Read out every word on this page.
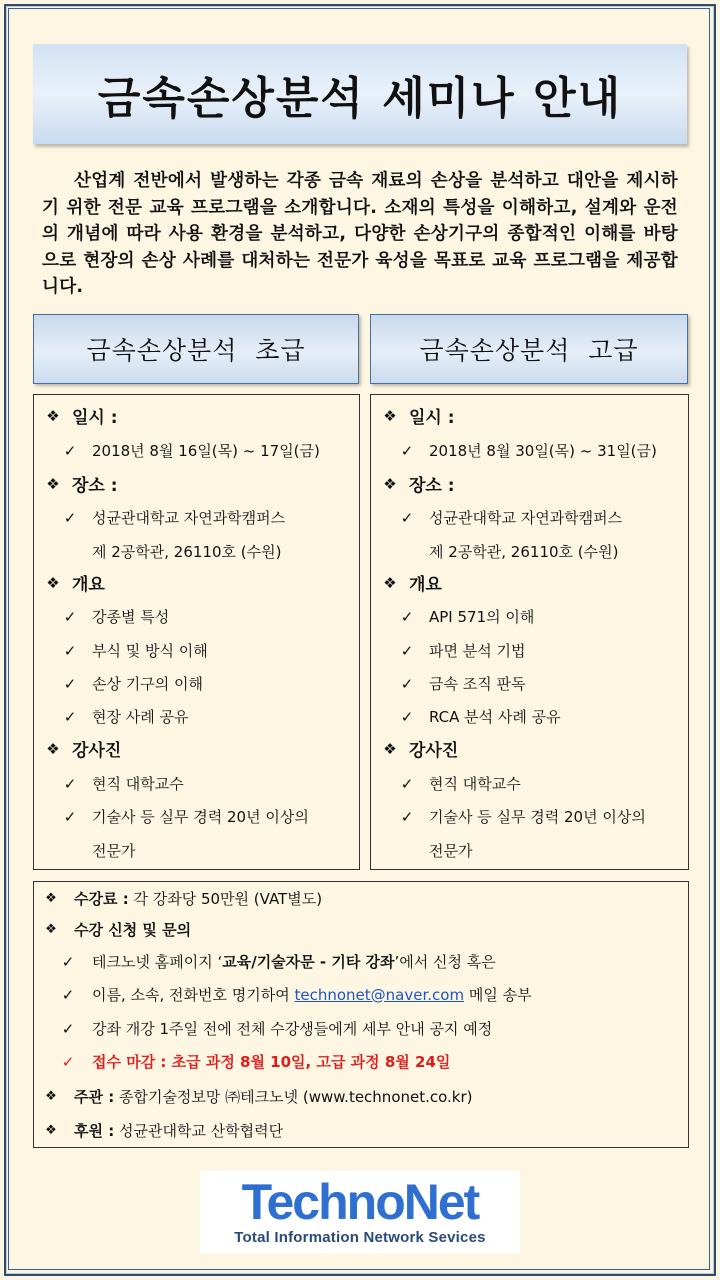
금속손상분석 세미나 안내
산업계 전반에서 발생하는 각종 금속 재료의 손상을 분석하고 대안을 제시하기 위한 전문 교육 프로그램을 소개합니다. 소재의 특성을 이해하고, 설계와 운전의 개념에 따라 사용 환경을 분석하고, 다양한 손상기구의 종합적인 이해를 바탕으로 현장의 손상 사례를 대처하는 전문가 육성을 목표로 교육 프로그램을 제공합니다.
금속손상분석  초급
❖ 일시 :
✓ 2018년 8월 16일(목) ~ 17일(금)
❖ 장소 :
✓ 성균관대학교 자연과학캠퍼스
제 2공학관, 26110호 (수원)
❖ 개요
✓ 강종별 특성
✓ 부식 및 방식 이해
✓ 손상 기구의 이해
✓ 현장 사례 공유
❖ 강사진
✓ 현직 대학교수
✓ 기술사 등 실무 경력 20년 이상의
전문가
금속손상분석  고급
❖ 일시 :
✓ 2018년 8월 30일(목) ~ 31일(금)
❖ 장소 :
✓ 성균관대학교 자연과학캠퍼스
제 2공학관, 26110호 (수원)
❖ 개요
✓ API 571의 이해
✓ 파면 분석 기법
✓ 금속 조직 판독
✓ RCA 분석 사례 공유
❖ 강사진
✓ 현직 대학교수
✓ 기술사 등 실무 경력 20년 이상의
전문가
❖ 수강료 : 각 강좌당 50만원 (VAT별도)
❖ 수강 신청 및 문의
✓ 테크노넷 홈페이지 ‘ 교육/기술자문 - 기타 강좌 ’에서 신청 혹은
✓ 이름, 소속, 전화번호 명기하여 technonet@naver.com 메일 송부
✓ 강좌 개강 1주일 전에 전체 수강생들에게 세부 안내 공지 예정
✓ 접수 마감 : 초급 과정 8월 10일, 고급 과정 8월 24일
❖ 주관 : 종합기술정보망 ㈜테크노넷 (www.technonet.co.kr)
❖ 후원 : 성균관대학교 산학협력단
TechnoNet
Total Information Network Sevices
